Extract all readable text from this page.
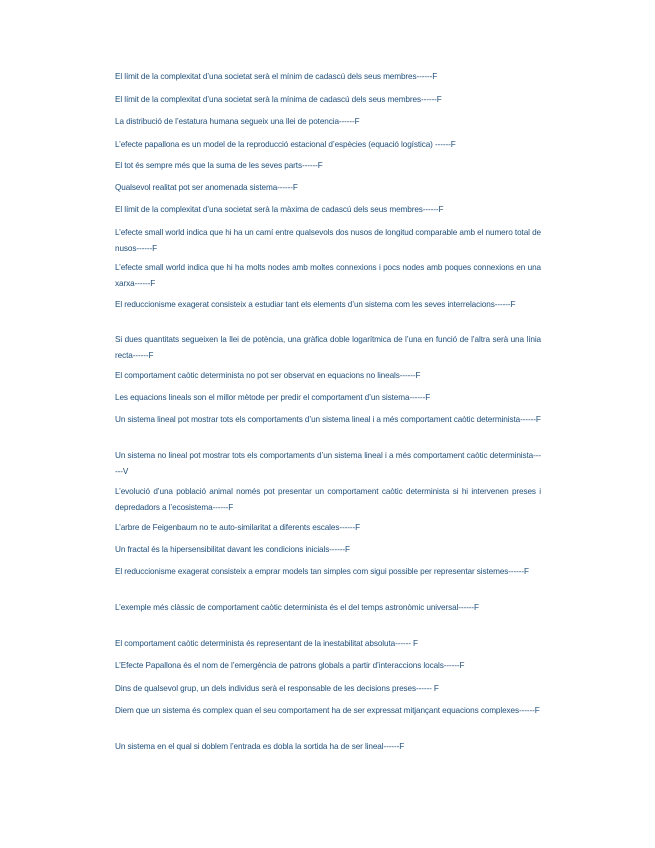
El límit de la complexitat d’una societat serà el mínim de cadascú dels seus membres------F

El límit de la complexitat d’una societat serà la mínima de cadascú dels seus membres------F

La distribució de l’estatura humana segueix una llei de potencia------F

L’efecte papallona es un model de la reproducció estacional d’espècies (equació logística) ------F

El tot és sempre més que la suma de les seves parts------F

Qualsevol realitat pot ser anomenada sistema------F

El límit de la complexitat d’una societat serà la màxima de cadascú dels seus membres------F

L’efecte small world indica que hi ha un camí entre qualsevols dos nusos de longitud comparable amb el numero total de nusos------F

L’efecte small world indica que hi ha molts nodes amb moltes connexions i pocs nodes amb poques connexions en una xarxa------F

El reduccionisme exagerat consisteix a estudiar tant els elements d’un sistema com les seves interrelacions------F

Si dues quantitats segueixen la llei de potència, una gràfica doble logarítmica de l’una en funció de l’altra serà una línia recta------F

El comportament caòtic determinista no pot ser observat en equacions no lineals------F

Les equacions lineals son el millor mètode per predir el comportament d’un sistema------F

Un sistema lineal pot mostrar tots els comportaments d’un sistema lineal i a més comportament caòtic determinista------F

Un sistema no lineal pot mostrar tots els comportaments d’un sistema lineal i a més comportament caòtic determinista------V

L’evolució d’una població animal només pot presentar un comportament caòtic determinista si hi intervenen preses i depredadors a l’ecosistema------F

L’arbre de Feigenbaum no te auto-similaritat a diferents escales------F

Un fractal és la hipersensibilitat davant les condicions inicials------F

El reduccionisme exagerat consisteix a emprar models tan simples com sigui possible per representar sistemes------F

L’exemple més clàssic de comportament caòtic determinista és el del temps astronòmic universal------F

El comportament caòtic determinista és representant de la inestabilitat absoluta------ F

L’Efecte Papallona és el nom de l’emergència de patrons globals a partir d’interaccions locals------F

Dins de qualsevol grup, un dels individus serà el responsable de les decisions preses------ F

Diem que un sistema és complex quan el seu comportament ha de ser expressat mitjançant equacions complexes------F

Un sistema en el qual si doblem l’entrada es dobla la sortida ha de ser lineal------F
